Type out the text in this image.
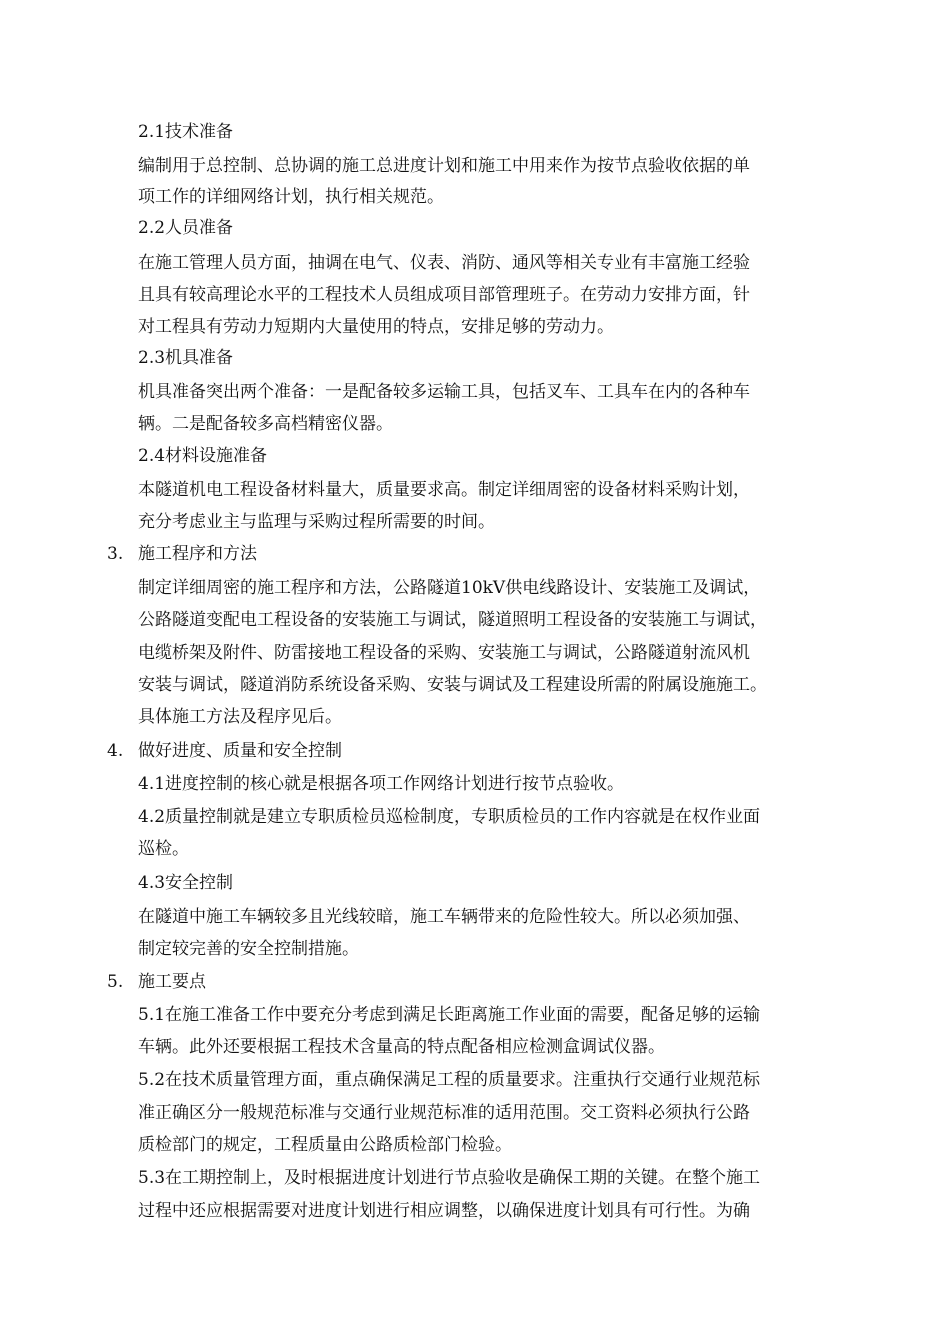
2.1技术准备
编制用于总控制、总协调的施工总进度计划和施工中用来作为按节点验收依据的单
项工作的详细网络计划，执行相关规范。
2.2人员准备
在施工管理人员方面，抽调在电气、仪表、消防、通风等相关专业有丰富施工经验
且具有较高理论水平的工程技术人员组成项目部管理班子。在劳动力安排方面，针
对工程具有劳动力短期内大量使用的特点，安排足够的劳动力。
2.3机具准备
机具准备突出两个准备：一是配备较多运输工具，包括叉车、工具车在内的各种车
辆。二是配备较多高档精密仪器。
2.4材料设施准备
本隧道机电工程设备材料量大，质量要求高。制定详细周密的设备材料采购计划，
充分考虑业主与监理与采购过程所需要的时间。
3. 施工程序和方法
制定详细周密的施工程序和方法，公路隧道10kV供电线路设计、安装施工及调试，
公路隧道变配电工程设备的安装施工与调试，隧道照明工程设备的安装施工与调试，
电缆桥架及附件、防雷接地工程设备的采购、安装施工与调试，公路隧道射流风机
安装与调试，隧道消防系统设备采购、安装与调试及工程建设所需的附属设施施工。
具体施工方法及程序见后。
4. 做好进度、质量和安全控制
4.1进度控制的核心就是根据各项工作网络计划进行按节点验收。
4.2质量控制就是建立专职质检员巡检制度，专职质检员的工作内容就是在权作业面
巡检。
4.3安全控制
在隧道中施工车辆较多且光线较暗，施工车辆带来的危险性较大。所以必须加强、
制定较完善的安全控制措施。
5. 施工要点
5.1在施工准备工作中要充分考虑到满足长距离施工作业面的需要，配备足够的运输
车辆。此外还要根据工程技术含量高的特点配备相应检测盒调试仪器。
5.2在技术质量管理方面，重点确保满足工程的质量要求。注重执行交通行业规范标
准正确区分一般规范标准与交通行业规范标准的适用范围。交工资料必须执行公路
质检部门的规定，工程质量由公路质检部门检验。
5.3在工期控制上，及时根据进度计划进行节点验收是确保工期的关键。在整个施工
过程中还应根据需要对进度计划进行相应调整，以确保进度计划具有可行性。为确
